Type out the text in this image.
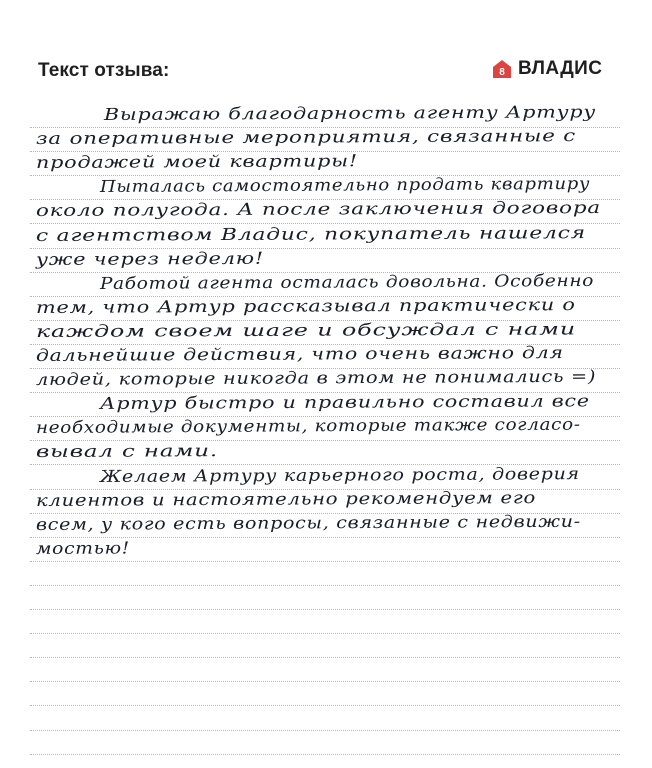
Текст отзыва:	8 ВЛАДИС
Выражаю благодарность агенту Артуру
за оперативные мероприятия, связанные с
продажей моей квартиры!
Пыталась самостоятельно продать квартиру
около полугода. А после заключения договора
с агентством Владис, покупатель нашелся
уже через неделю!
Работой агента осталась довольна. Особенно
тем, что Артур рассказывал практически о
каждом своем шаге и обсуждал с нами
дальнейшие действия, что очень важно для
людей, которые никогда в этом не понимались =)
Артур быстро и правильно составил все
необходимые документы, которые также согласо-
вывал с нами.
Желаем Артуру карьерного роста, доверия
клиентов и настоятельно рекомендуем его
всем, у кого есть вопросы, связанные с недвижи-
мостью!
